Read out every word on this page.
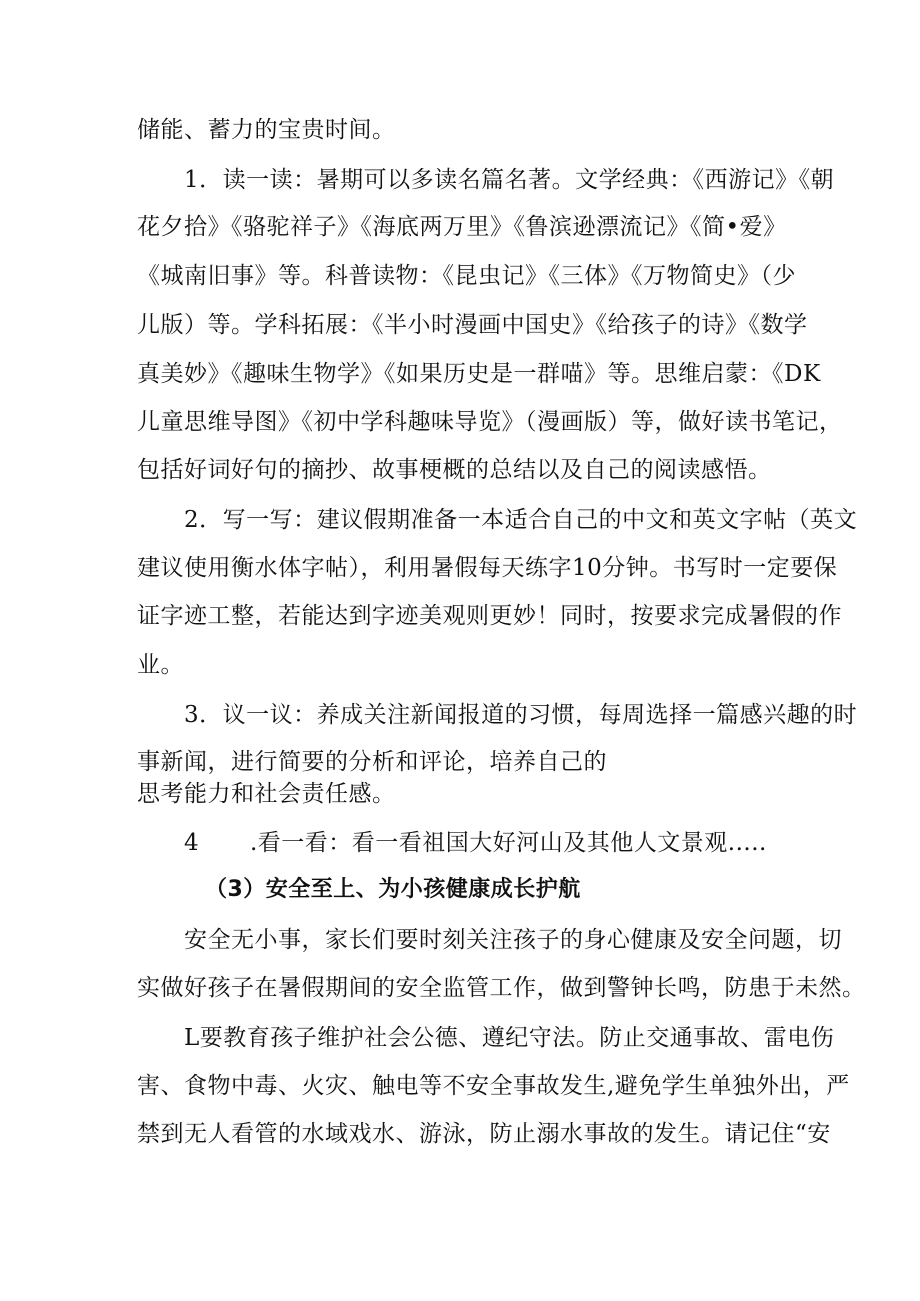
储能、蓄力的宝贵时间。
1．读一读：暑期可以多读名篇名著。文学经典：《西游记》《朝
花夕拾》《骆驼祥子》《海底两万里》《鲁滨逊漂流记》《简•爱》
《城南旧事》等。科普读物：《昆虫记》《三体》《万物简史》（少
儿版）等。学科拓展：《半小时漫画中国史》《给孩子的诗》《数学
真美妙》《趣味生物学》《如果历史是一群喵》等。思维启蒙：《DK
儿童思维导图》《初中学科趣味导览》（漫画版）等，做好读书笔记，
包括好词好句的摘抄、故事梗概的总结以及自己的阅读感悟。
2．写一写：建议假期准备一本适合自己的中文和英文字帖（英文
建议使用衡水体字帖），利用暑假每天练字10分钟。书写时一定要保
证字迹工整，若能达到字迹美观则更妙！同时，按要求完成暑假的作
业。
3．议一议：养成关注新闻报道的习惯，每周选择一篇感兴趣的时
事新闻，进行简要的分析和评论，培养自己的
思考能力和社会责任感。
4 .看一看：看一看祖国大好河山及其他人文景观.....
（3）安全至上、为小孩健康成长护航
安全无小事，家长们要时刻关注孩子的身心健康及安全问题，切
实做好孩子在暑假期间的安全监管工作，做到警钟长鸣，防患于未然。
L要教育孩子维护社会公德、遵纪守法。防止交通事故、雷电伤
害、食物中毒、火灾、触电等不安全事故发生,避免学生单独外出，严
禁到无人看管的水域戏水、游泳，防止溺水事故的发生。请记住“安
